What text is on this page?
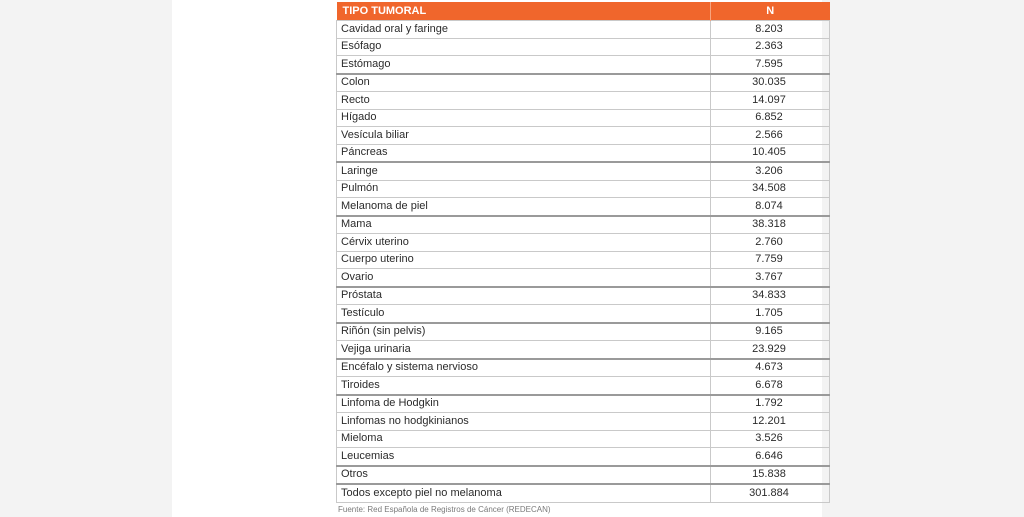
TIPO TUMORAL	N
Cavidad oral y faringe	8.203
Esófago	2.363
Estómago	7.595
Colon	30.035
Recto	14.097
Hígado	6.852
Vesícula biliar	2.566
Páncreas	10.405
Laringe	3.206
Pulmón	34.508
Melanoma de piel	8.074
Mama	38.318
Cérvix uterino	2.760
Cuerpo uterino	7.759
Ovario	3.767
Próstata	34.833
Testículo	1.705
Riñón (sin pelvis)	9.165
Vejiga urinaria	23.929
Encéfalo y sistema nervioso	4.673
Tiroides	6.678
Linfoma de Hodgkin	1.792
Linfomas no hodgkinianos	12.201
Mieloma	3.526
Leucemias	6.646
Otros	15.838
Todos excepto piel no melanoma	301.884
Fuente: Red Española de Registros de Cáncer (REDECAN)
